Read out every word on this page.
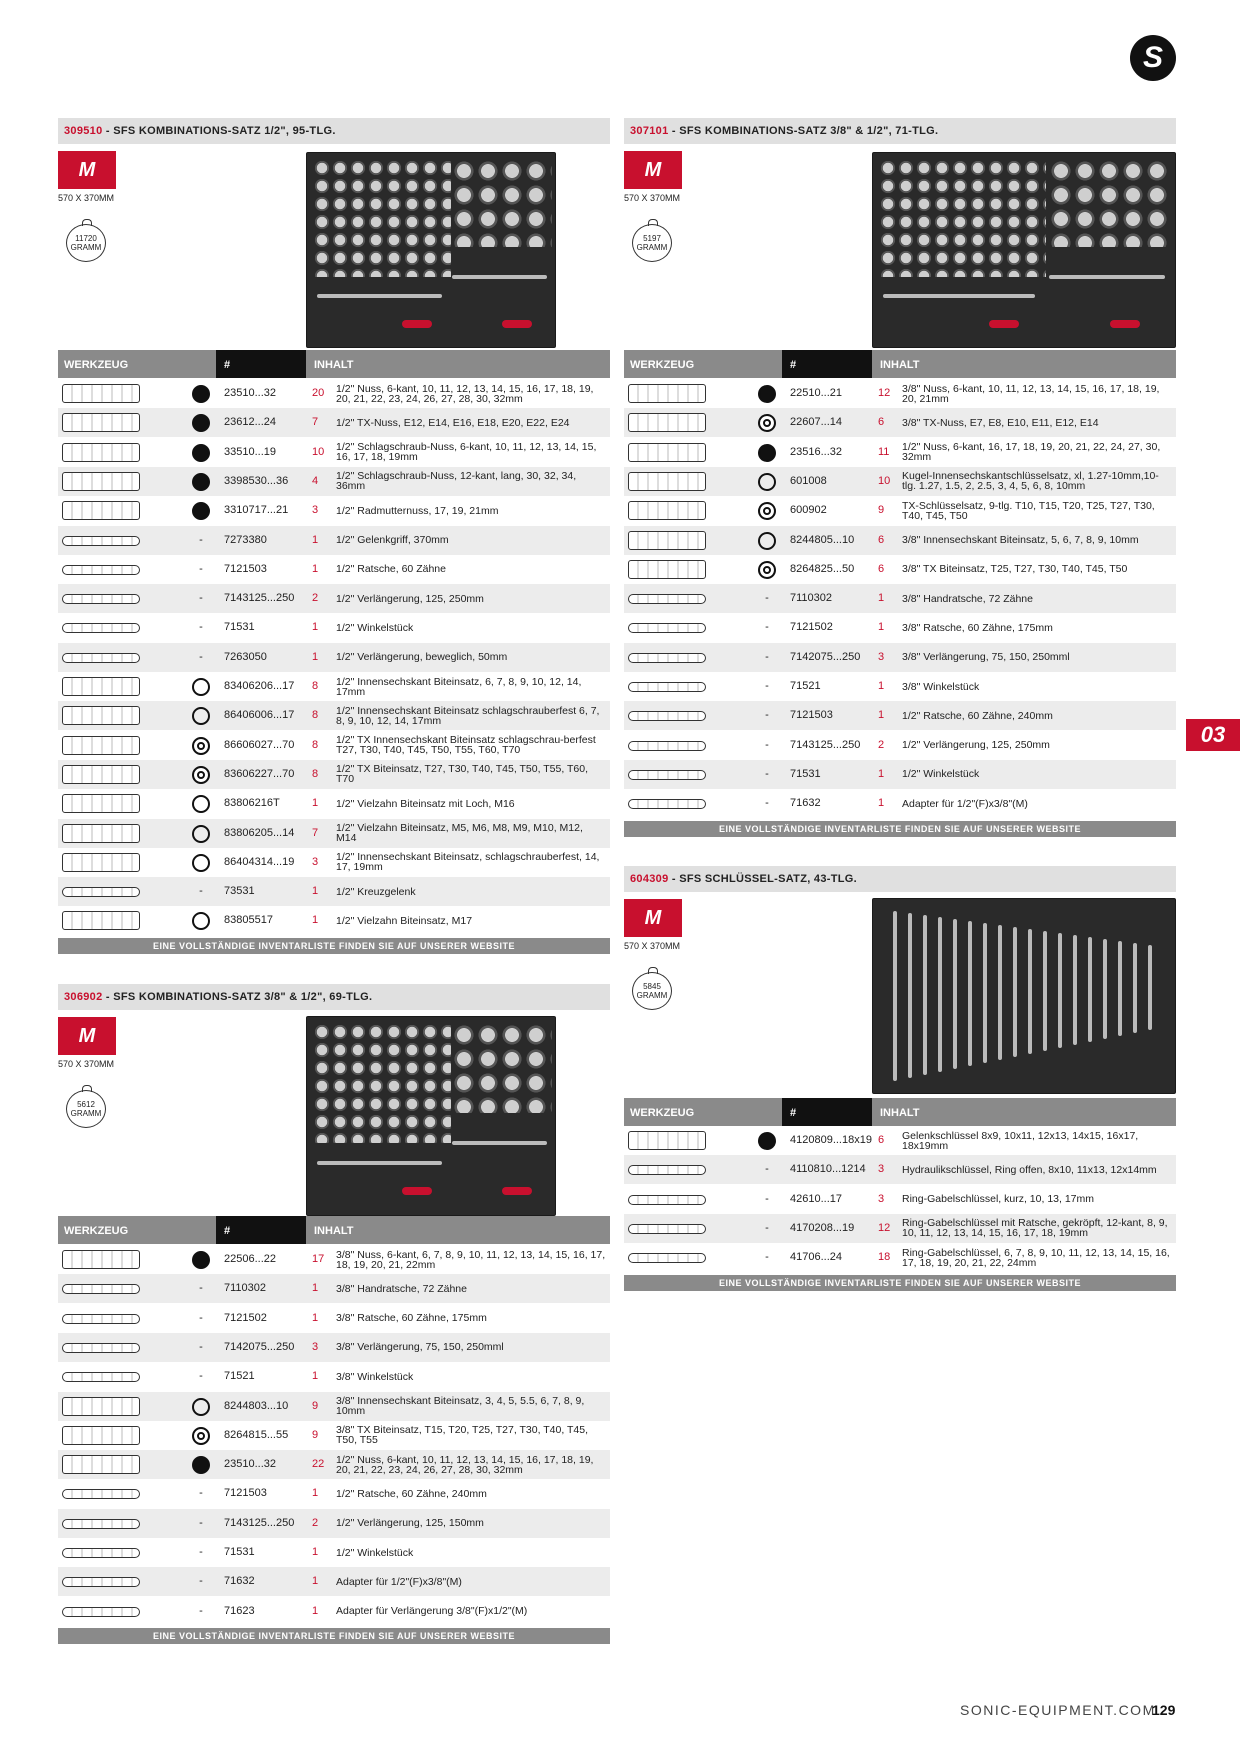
S
03
SONIC-EQUIPMENT.COM
129
309510 - SFS KOMBINATIONS-SATZ 1/2", 95-TLG.
M
570 X 370MM
11720
GRAMM
WERKZEUG	#	INHALT
23510...32	20 1/2" Nuss, 6-kant, 10, 11, 12, 13, 14, 15, 16, 17, 18, 19, 20, 21, 22, 23, 24, 26, 27, 28, 30, 32mm
23612...24	7 1/2" TX-Nuss, E12, E14, E16, E18, E20, E22, E24
33510...19	10 1/2" Schlagschraub-Nuss, 6-kant, 10, 11, 12, 13, 14, 15, 16, 17, 18, 19mm
3398530...36 4 1/2" Schlagschraub-Nuss, 12-kant, lang, 30, 32, 34, 36mm
3310717...21 3 1/2" Radmutternuss, 17, 19, 21mm
-	7273380	1 1/2" Gelenkgriff, 370mm
-	7121503	1 1/2" Ratsche, 60 Zähne
-	7143125...250 2 1/2" Verlängerung, 125, 250mm
-	71531	1 1/2" Winkelstück
-	7263050	1 1/2" Verlängerung, beweglich, 50mm
83406206...17 8 1/2" Innensechskant Biteinsatz, 6, 7, 8, 9, 10, 12, 14, 17mm
86406006...17 8 1/2" Innensechskant Biteinsatz schlagschrauberfest 6, 7, 8, 9, 10, 12, 14, 17mm
86606027...70 8 1/2" TX Innensechskant Biteinsatz schlagschrau-berfest T27, T30, T40, T45, T50, T55, T60, T70
83606227...70 8 1/2" TX Biteinsatz, T27, T30, T40, T45, T50, T55, T60, T70
83806216T	1 1/2" Vielzahn Biteinsatz mit Loch, M16
83806205...14 7 1/2" Vielzahn Biteinsatz, M5, M6, M8, M9, M10, M12, M14
86404314...19 3 1/2" Innensechskant Biteinsatz, schlagschrauberfest, 14, 17, 19mm
-	73531	1 1/2" Kreuzgelenk
83805517	1 1/2" Vielzahn Biteinsatz, M17
EINE VOLLSTÄNDIGE INVENTARLISTE FINDEN SIE AUF UNSERER WEBSITE
306902 - SFS KOMBINATIONS-SATZ 3/8" & 1/2", 69-TLG.
M
570 X 370MM
5612
GRAMM
WERKZEUG	#	INHALT
22506...22	17 3/8" Nuss, 6-kant, 6, 7, 8, 9, 10, 11, 12, 13, 14, 15, 16, 17, 18, 19, 20, 21, 22mm
-	7110302	1 3/8" Handratsche, 72 Zähne
-	7121502	1 3/8" Ratsche, 60 Zähne, 175mm
-	7142075...250 3 3/8" Verlängerung, 75, 150, 250mml
-	71521	1 3/8" Winkelstück
8244803...10 9 3/8" Innensechskant Biteinsatz, 3, 4, 5, 5.5, 6, 7, 8, 9, 10mm
8264815...55 9 3/8" TX Biteinsatz, T15, T20, T25, T27, T30, T40, T45, T50, T55
23510...32	22 1/2" Nuss, 6-kant, 10, 11, 12, 13, 14, 15, 16, 17, 18, 19, 20, 21, 22, 23, 24, 26, 27, 28, 30, 32mm
-	7121503	1 1/2" Ratsche, 60 Zähne, 240mm
-	7143125...250 2 1/2" Verlängerung, 125, 150mm
-	71531	1 1/2" Winkelstück
-	71632	1 Adapter für 1/2"(F)x3/8"(M)
-	71623	1 Adapter für Verlängerung 3/8"(F)x1/2"(M)
EINE VOLLSTÄNDIGE INVENTARLISTE FINDEN SIE AUF UNSERER WEBSITE
307101 - SFS KOMBINATIONS-SATZ 3/8" & 1/2", 71-TLG.
M
570 X 370MM
5197
GRAMM
WERKZEUG	#	INHALT
22510...21	12 3/8" Nuss, 6-kant, 10, 11, 12, 13, 14, 15, 16, 17, 18, 19, 20, 21mm
22607...14	6 3/8" TX-Nuss, E7, E8, E10, E11, E12, E14
23516...32	11 1/2" Nuss, 6-kant, 16, 17, 18, 19, 20, 21, 22, 24, 27, 30, 32mm
601008	10 Kugel-Innensechskantschlüsselsatz, xl, 1.27-10mm,10-tlg. 1.27, 1.5, 2, 2.5, 3, 4, 5, 6, 8, 10mm
600902	9 TX-Schlüsselsatz, 9-tlg. T10, T15, T20, T25, T27, T30, T40, T45, T50
8244805...10 6 3/8" Innensechskant Biteinsatz, 5, 6, 7, 8, 9, 10mm
8264825...50 6 3/8" TX Biteinsatz, T25, T27, T30, T40, T45, T50
-	7110302	1 3/8" Handratsche, 72 Zähne
-	7121502	1 3/8" Ratsche, 60 Zähne, 175mm
-	7142075...250 3 3/8" Verlängerung, 75, 150, 250mml
-	71521	1 3/8" Winkelstück
-	7121503	1 1/2" Ratsche, 60 Zähne, 240mm
-	7143125...250 2 1/2" Verlängerung, 125, 250mm
-	71531	1 1/2" Winkelstück
-	71632	1 Adapter für 1/2"(F)x3/8"(M)
EINE VOLLSTÄNDIGE INVENTARLISTE FINDEN SIE AUF UNSERER WEBSITE
604309 - SFS SCHLÜSSEL-SATZ, 43-TLG.
M
570 X 370MM
5845
GRAMM
WERKZEUG	#	INHALT
4120809...18x19 6 Gelenkschlüssel 8x9, 10x11, 12x13, 14x15, 16x17, 18x19mm
-	4110810...1214 3 Hydraulikschlüssel, Ring offen, 8x10, 11x13, 12x14mm
-	42610...17	3 Ring-Gabelschlüssel, kurz, 10, 13, 17mm
-	4170208...19 12 Ring-Gabelschlüssel mit Ratsche, gekröpft, 12-kant, 8, 9, 10, 11, 12, 13, 14, 15, 16, 17, 18, 19mm
-	41706...24	18 Ring-Gabelschlüssel, 6, 7, 8, 9, 10, 11, 12, 13, 14, 15, 16, 17, 18, 19, 20, 21, 22, 24mm
EINE VOLLSTÄNDIGE INVENTARLISTE FINDEN SIE AUF UNSERER WEBSITE
